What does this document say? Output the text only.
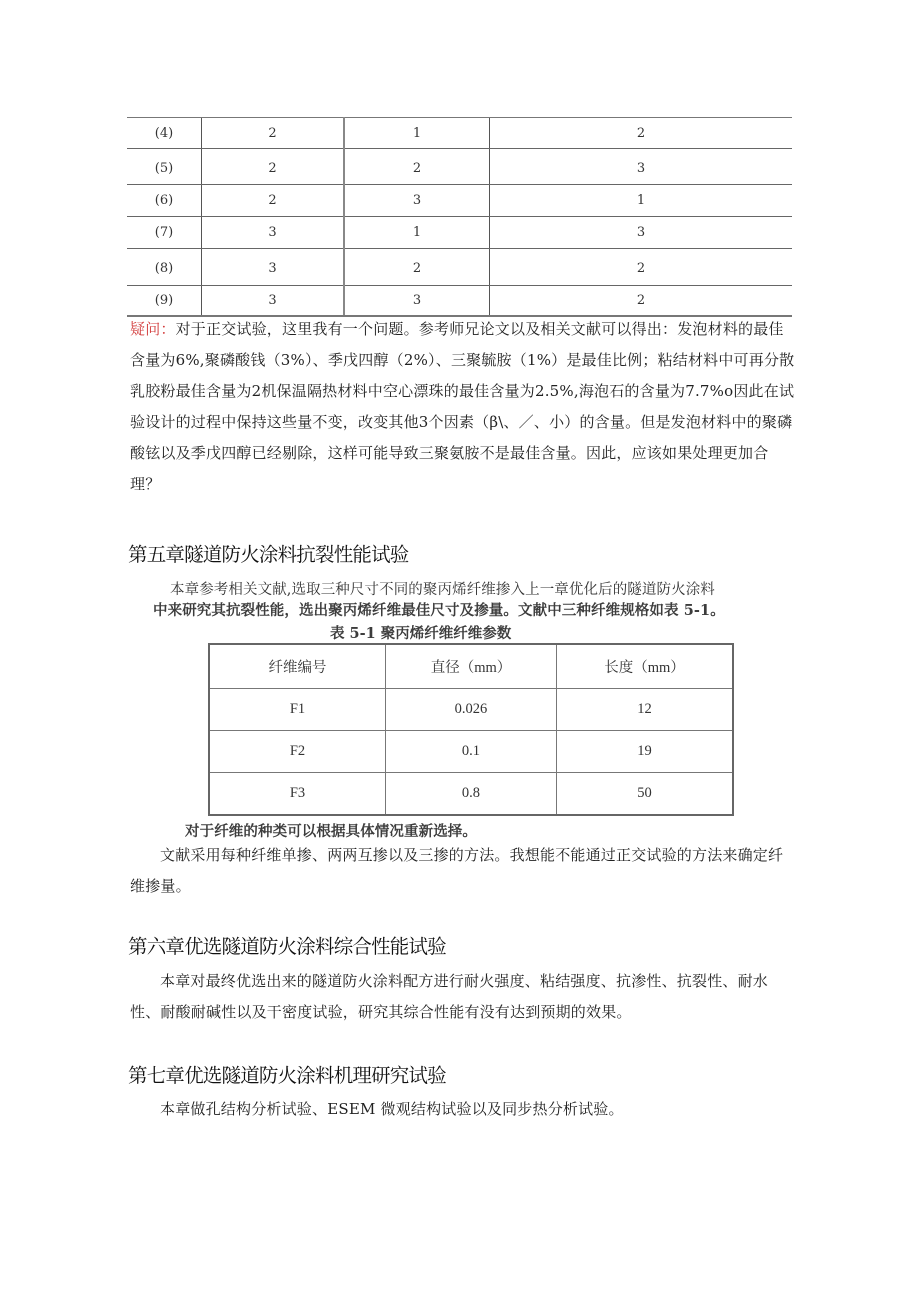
(4)	2	1	2
(5)	2	2	3
(6)	2	3	1
(7)	3	1	3
(8)	3	2	2
(9)	3	3	2

疑问：对于正交试验，这里我有一个问题。参考师兄论文以及相关文献可以得出：发泡材料的最佳含量为6%,聚磷酸钱（3%）、季戊四醇（2%）、三聚毓胺（1%）是最佳比例；粘结材料中可再分散乳胶粉最佳含量为2机保温隔热材料中空心漂珠的最佳含量为2.5%,海泡石的含量为7.7%o因此在试验设计的过程中保持这些量不变，改变其他3个因素（β\、／、小）的含量。但是发泡材料中的聚磷酸铉以及季戊四醇已经剔除，这样可能导致三聚氨胺不是最佳含量。因此，应该如果处理更加合理？

第五章隧道防火涂料抗裂性能试验

本章参考相关文献,选取三种尺寸不同的聚丙烯纤维掺入上一章优化后的隧道防火涂料

中来研究其抗裂性能，选出聚丙烯纤维最佳尺寸及掺量。文献中三种纤维规格如表 5-1。

表 5-1 聚丙烯纤维纤维参数

纤维编号	直径（mm）	长度（mm）
F1	0.026	12
F2	0.1	19
F3	0.8	50

对于纤维的种类可以根据具体情况重新选择。

文献采用每种纤维单掺、两两互掺以及三掺的方法。我想能不能通过正交试验的方法来确定纤维掺量。

第六章优选隧道防火涂料综合性能试验

本章对最终优选出来的隧道防火涂料配方进行耐火强度、粘结强度、抗渗性、抗裂性、耐水性、耐酸耐碱性以及干密度试验，研究其综合性能有没有达到预期的效果。

第七章优选隧道防火涂料机理研究试验

本章做孔结构分析试验、ESEM 微观结构试验以及同步热分析试验。
